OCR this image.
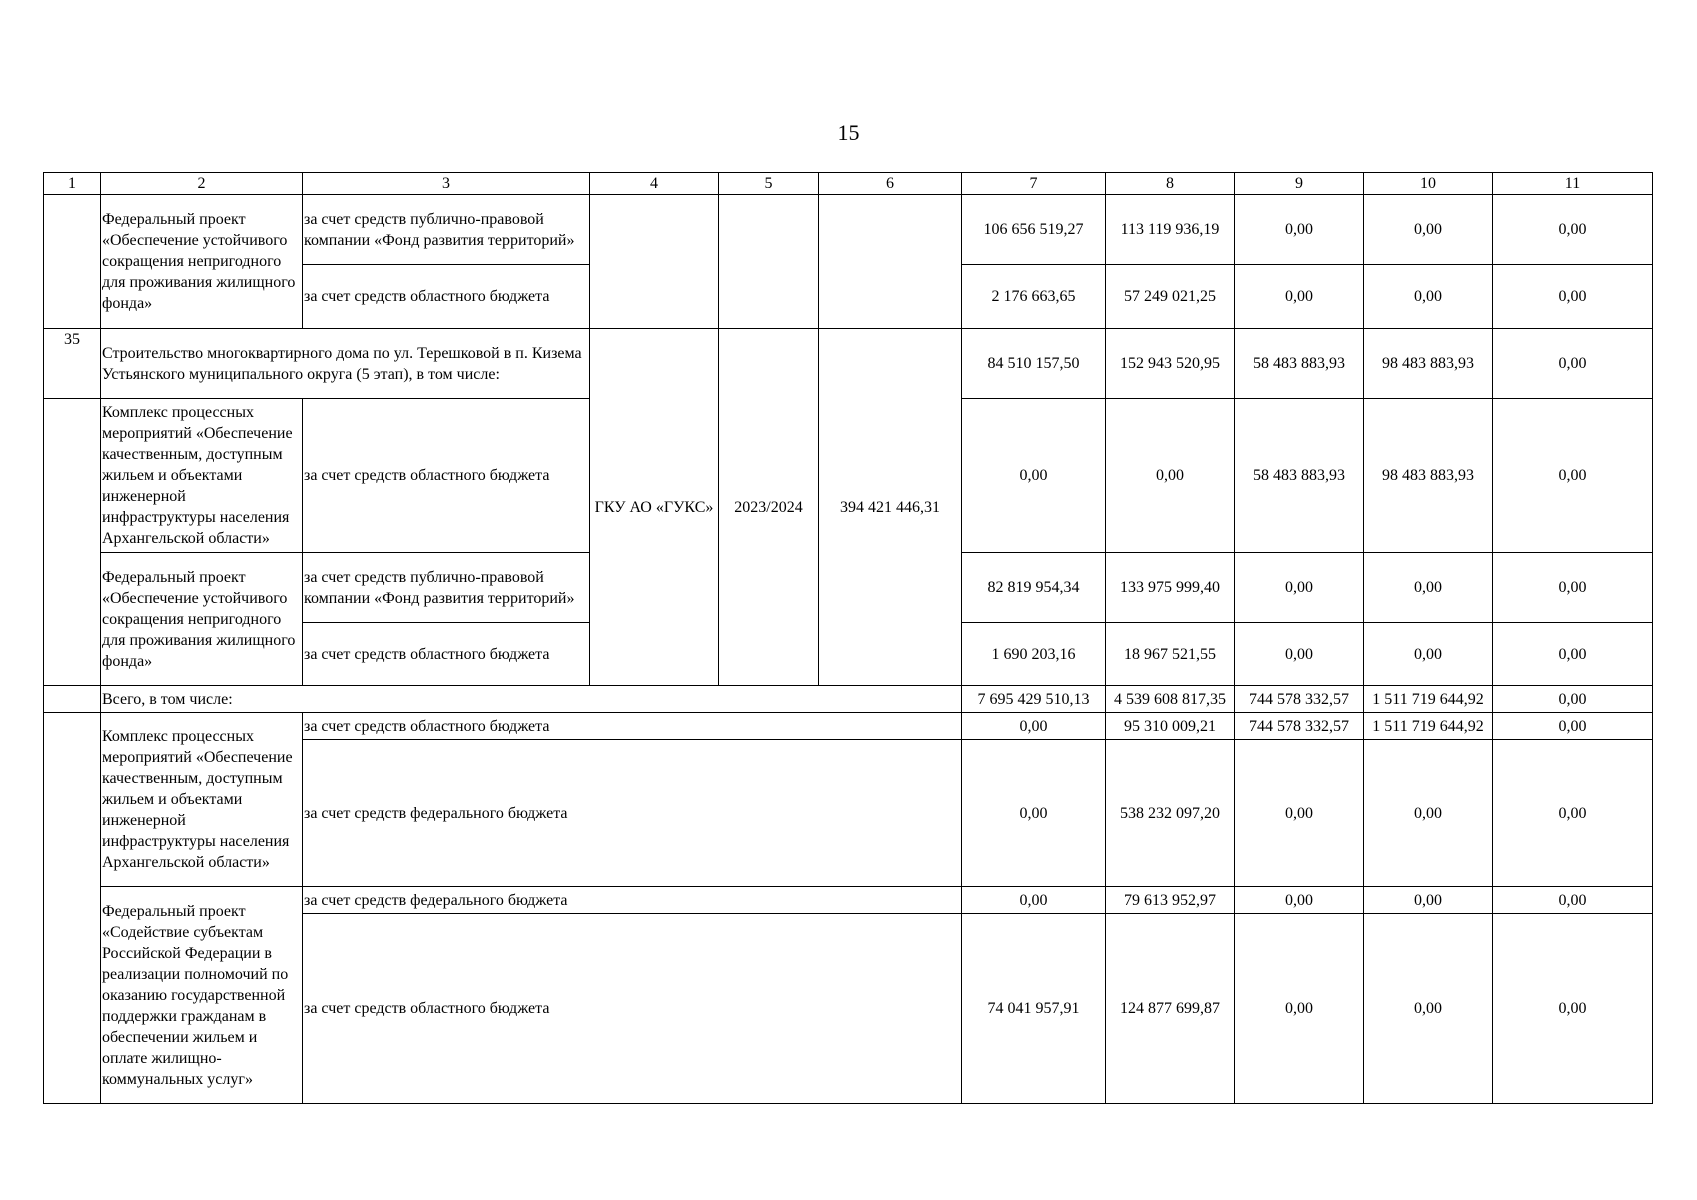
15
1	2	3	4	5	6	7	8	9	10	11
	Федеральный проект «Обеспечение устойчивого сокращения непригодного для проживания жилищного фонда»	за счет средств публично-правовой компании «Фонд развития территорий»				106 656 519,27	113 119 936,19	0,00	0,00	0,00
		за счет средств областного бюджета				2 176 663,65	57 249 021,25	0,00	0,00	0,00
35	Строительство многоквартирного дома по ул. Терешковой в п. Кизема Устьянского муниципального округа (5 этап), в том числе:		ГКУ АО «ГУКС»	2023/2024	394 421 446,31	84 510 157,50	152 943 520,95	58 483 883,93	98 483 883,93	0,00
	Комплекс процессных мероприятий «Обеспечение качественным, доступным жильем и объектами инженерной инфраструктуры населения Архангельской области»	за счет средств областного бюджета				0,00	0,00	58 483 883,93	98 483 883,93	0,00
	Федеральный проект «Обеспечение устойчивого сокращения непригодного для проживания жилищного фонда»	за счет средств публично-правовой компании «Фонд развития территорий»				82 819 954,34	133 975 999,40	0,00	0,00	0,00
		за счет средств областного бюджета				1 690 203,16	18 967 521,55	0,00	0,00	0,00
	Всего, в том числе:					7 695 429 510,13	4 539 608 817,35	744 578 332,57	1 511 719 644,92	0,00
	Комплекс процессных мероприятий «Обеспечение качественным, доступным жильем и объектами инженерной инфраструктуры населения Архангельской области»	за счет средств областного бюджета				0,00	95 310 009,21	744 578 332,57	1 511 719 644,92	0,00
		за счет средств федерального бюджета				0,00	538 232 097,20	0,00	0,00	0,00
	Федеральный проект «Содействие субъектам Российской Федерации в реализации полномочий по оказанию государственной поддержки гражданам в обеспечении жильем и оплате жилищно-коммунальных услуг»	за счет средств федерального бюджета				0,00	79 613 952,97	0,00	0,00	0,00
		за счет средств областного бюджета				74 041 957,91	124 877 699,87	0,00	0,00	0,00
